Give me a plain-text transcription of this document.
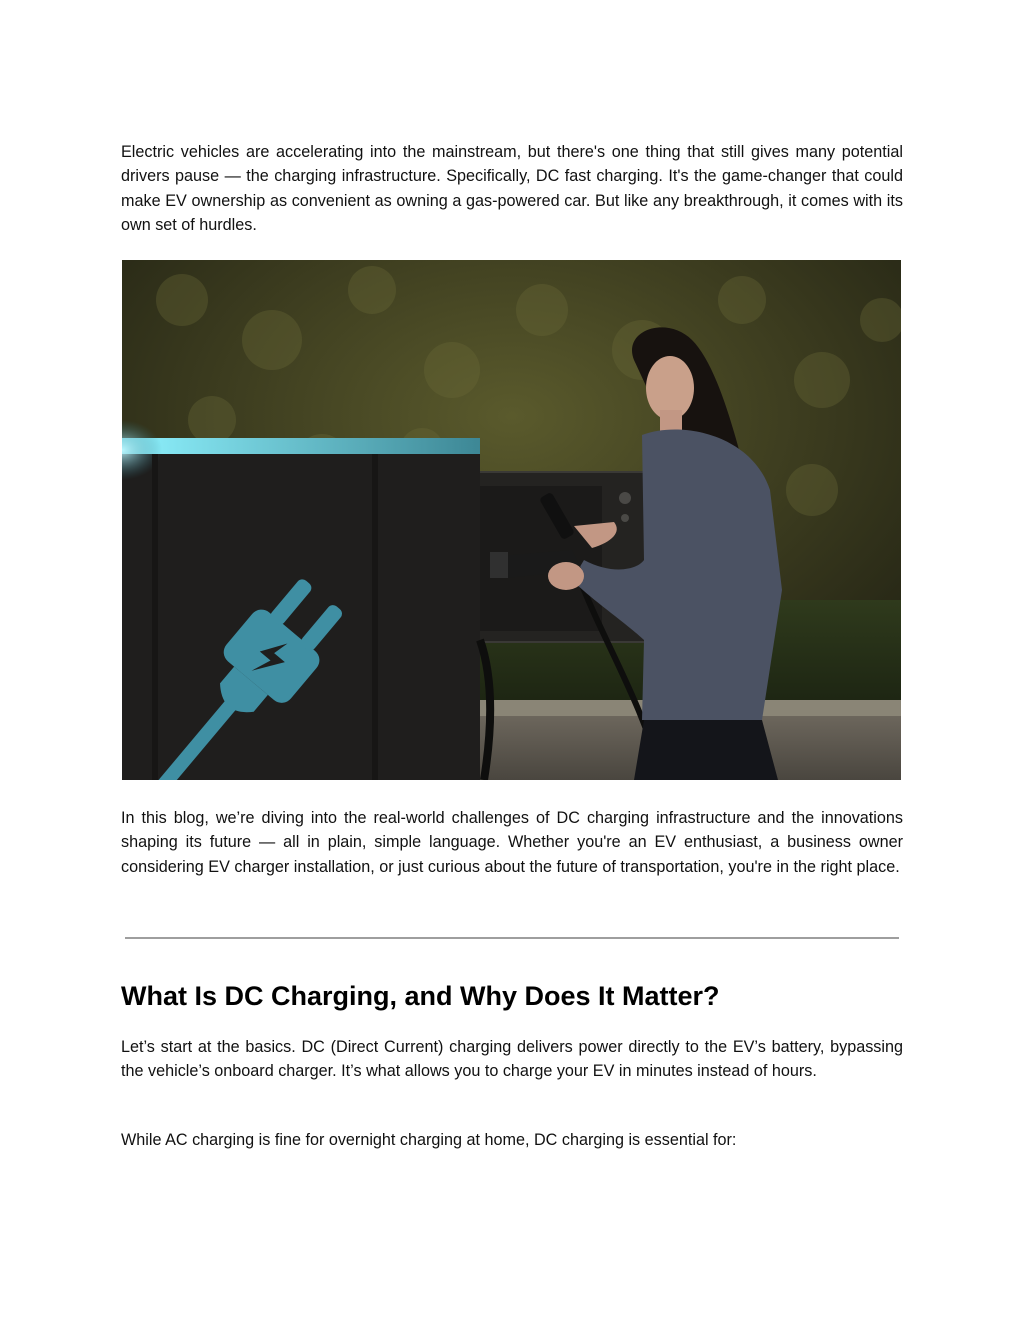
Electric vehicles are accelerating into the mainstream, but there's one thing that still gives many potential drivers pause — the charging infrastructure. Specifically, DC fast charging. It's the game-changer that could make EV ownership as convenient as owning a gas-powered car. But like any breakthrough, it comes with its own set of hurdles.

In this blog, we’re diving into the real-world challenges of DC charging infrastructure and the innovations shaping its future — all in plain, simple language. Whether you're an EV enthusiast, a business owner considering EV charger installation, or just curious about the future of transportation, you're in the right place.

What Is DC Charging, and Why Does It Matter?

Let’s start at the basics. DC (Direct Current) charging delivers power directly to the EV’s battery, bypassing the vehicle’s onboard charger. It’s what allows you to charge your EV in minutes instead of hours.

While AC charging is fine for overnight charging at home, DC charging is essential for:
